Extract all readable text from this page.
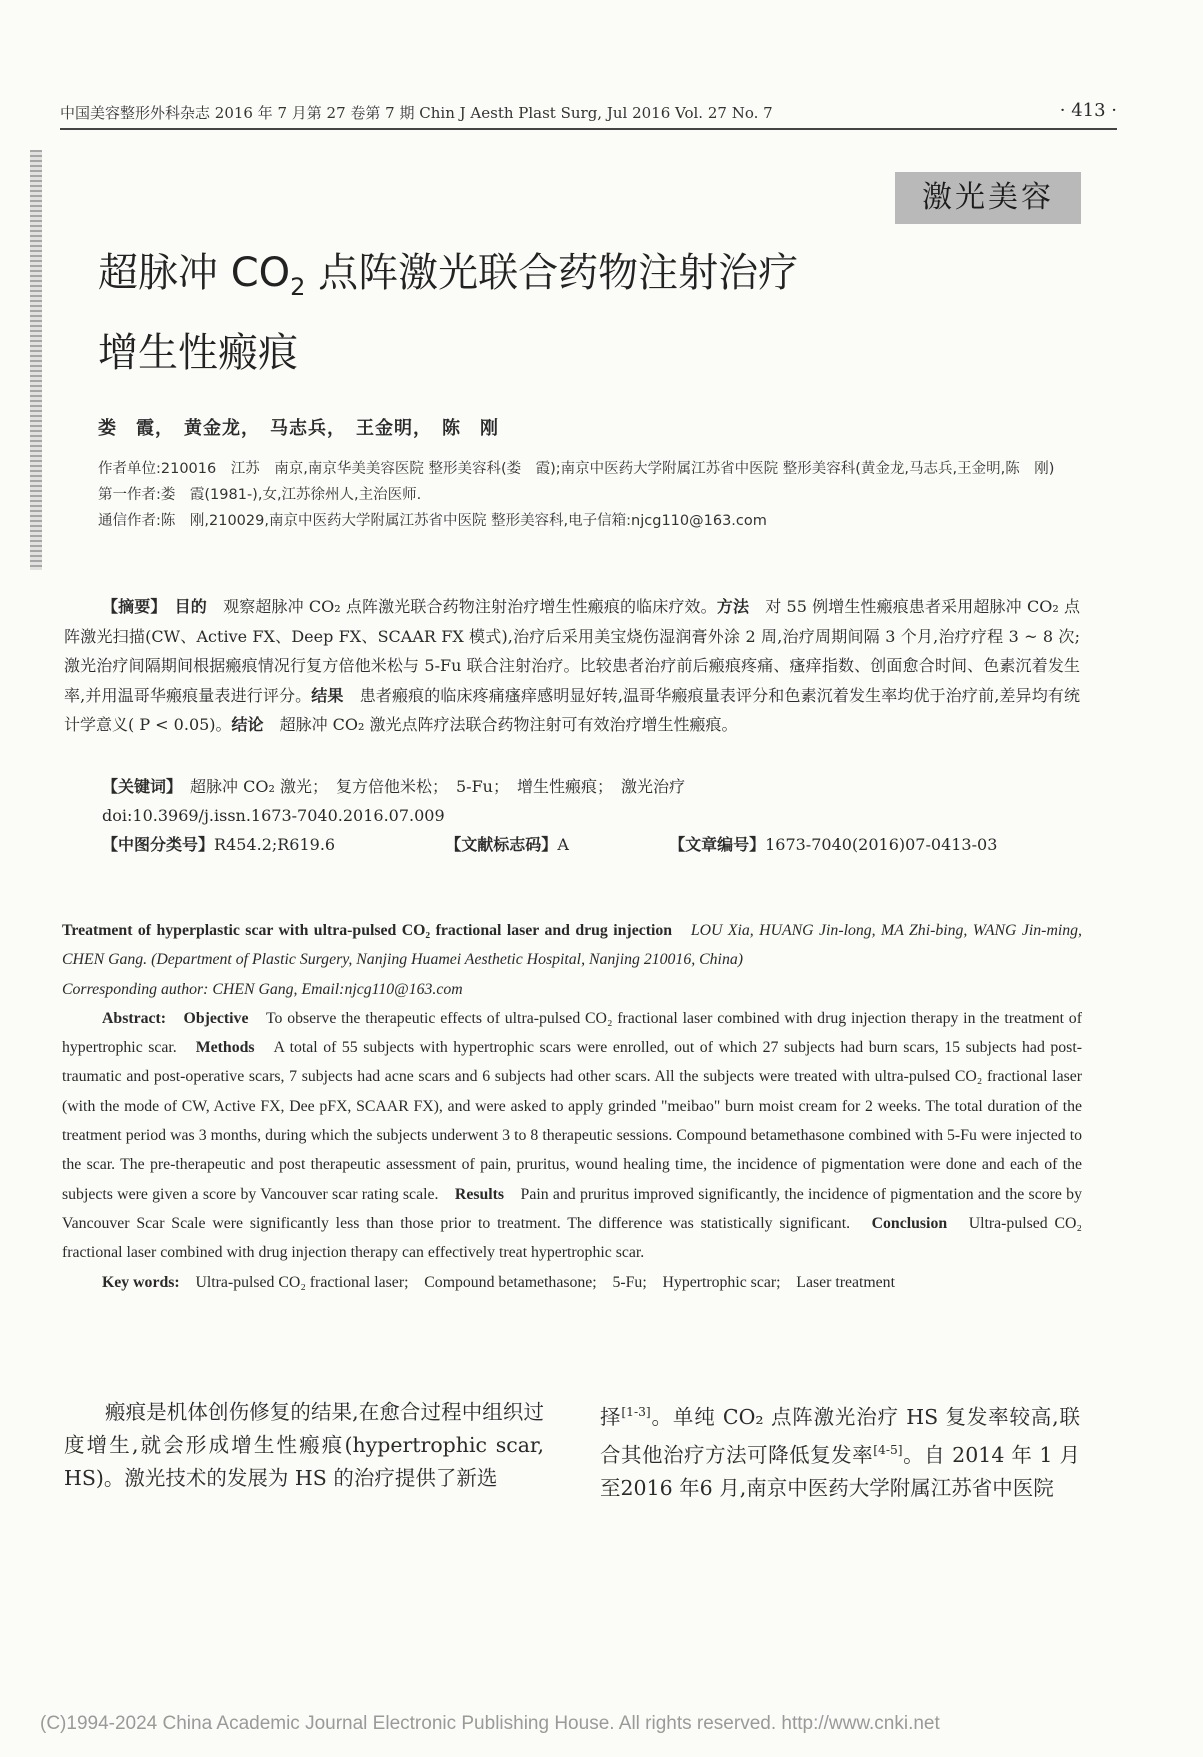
中国美容整形外科杂志 2016 年 7 月第 27 卷第 7 期 Chin J Aesth Plast Surg, Jul 2016 Vol. 27 No. 7	· 413 ·
激光美容
超脉冲 $CO_2$ 点阵激光联合药物注射治疗
增生性瘢痕
娄　霞，　黄金龙，　马志兵，　王金明，　陈　刚
作者单位:210016　江苏　南京,南京华美美容医院 整形美容科(娄　霞);南京中医药大学附属江苏省中医院 整形美容科(黄金龙,马志兵,王金明,陈　刚)
第一作者:娄　霞(1981-),女,江苏徐州人,主治医师.
通信作者:陈　刚,210029,南京中医药大学附属江苏省中医院 整形美容科,电子信箱:njcg110@163.com
【摘要】　 目的　 观察超脉冲 CO₂ 点阵激光联合药物注射治疗增生性瘢痕的临床疗效。方法　 对 55 例增生性瘢痕患者采用超脉冲 CO₂ 点阵激光扫描(CW、Active FX、Deep FX、SCAAR FX 模式),治疗后采用美宝烧伤湿润膏外涂 2 周,治疗周期间隔 3 个月,治疗疗程 3 ~ 8 次;激光治疗间隔期间根据瘢痕情况行复方倍他米松与 5-Fu 联合注射治疗。比较患者治疗前后瘢痕疼痛、瘙痒指数、创面愈合时间、色素沉着发生率,并用温哥华瘢痕量表进行评分。结果　 患者瘢痕的临床疼痛瘙痒感明显好转,温哥华瘢痕量表评分和色素沉着发生率均优于治疗前,差异均有统计学意义( P < 0.05)。结论　 超脉冲 CO₂ 激光点阵疗法联合药物注射可有效治疗增生性瘢痕。
【关键词】　 超脉冲 CO₂ 激光；　复方倍他米松；　5-Fu；　增生性瘢痕；　激光治疗
doi:10.3969/j.issn.1673-7040.2016.07.009
【中图分类号】R454.2;R619.6	【文献标志码】A	【文章编号】1673-7040(2016)07-0413-03

Treatment of hyperplastic scar with ultra-pulsed CO₂ fractional laser and drug injection　 LOU Xia, HUANG Jin-long, MA Zhi-bing, WANG Jin-ming, CHEN Gang. (Department of Plastic Surgery, Nanjing Huamei Aesthetic Hospital, Nanjing 210016, China)

Corresponding author: CHEN Gang, Email:njcg110@163.com

Abstract:　 Objective　 To observe the therapeutic effects of ultra-pulsed CO₂ fractional laser combined with drug injection therapy in the treatment of hypertrophic scar.　 Methods　 A total of 55 subjects with hypertrophic scars were enrolled, out of which 27 subjects had burn scars, 15 subjects had post-traumatic and post-operative scars, 7 subjects had acne scars and 6 subjects had other scars. All the subjects were treated with ultra-pulsed CO₂ fractional laser (with the mode of CW, Active FX, Dee pFX, SCAAR FX), and were asked to apply grinded "meibao" burn moist cream for 2 weeks. The total duration of the treatment period was 3 months, during which the subjects underwent 3 to 8 therapeutic sessions. Compound betamethasone combined with 5-Fu were injected to the scar. The pre-therapeutic and post therapeutic assessment of pain, pruritus, wound healing time, the incidence of pigmentation were done and each of the subjects were given a score by Vancouver scar rating scale.　 Results　 Pain and pruritus improved significantly, the incidence of pigmentation and the score by Vancouver Scar Scale were significantly less than those prior to treatment. The difference was statistically significant.　 Conclusion　 Ultra-pulsed CO₂ fractional laser combined with drug injection therapy can effectively treat hypertrophic scar.

Key words:　 Ultra-pulsed CO₂ fractional laser;　Compound betamethasone;　5-Fu;　Hypertrophic scar;　Laser treatment

瘢痕是机体创伤修复的结果,在愈合过程中组织过度增生,就会形成增生性瘢痕(hypertrophic scar, HS)。激光技术的发展为 HS 的治疗提供了新选

择[1-3]。单纯 CO₂ 点阵激光治疗 HS 复发率较高,联合其他治疗方法可降低复发率[4-5]。自 2014 年 1 月至2016 年6 月,南京中医药大学附属江苏省中医院

(C)1994-2024 China Academic Journal Electronic Publishing House. All rights reserved. http://www.cnki.net
